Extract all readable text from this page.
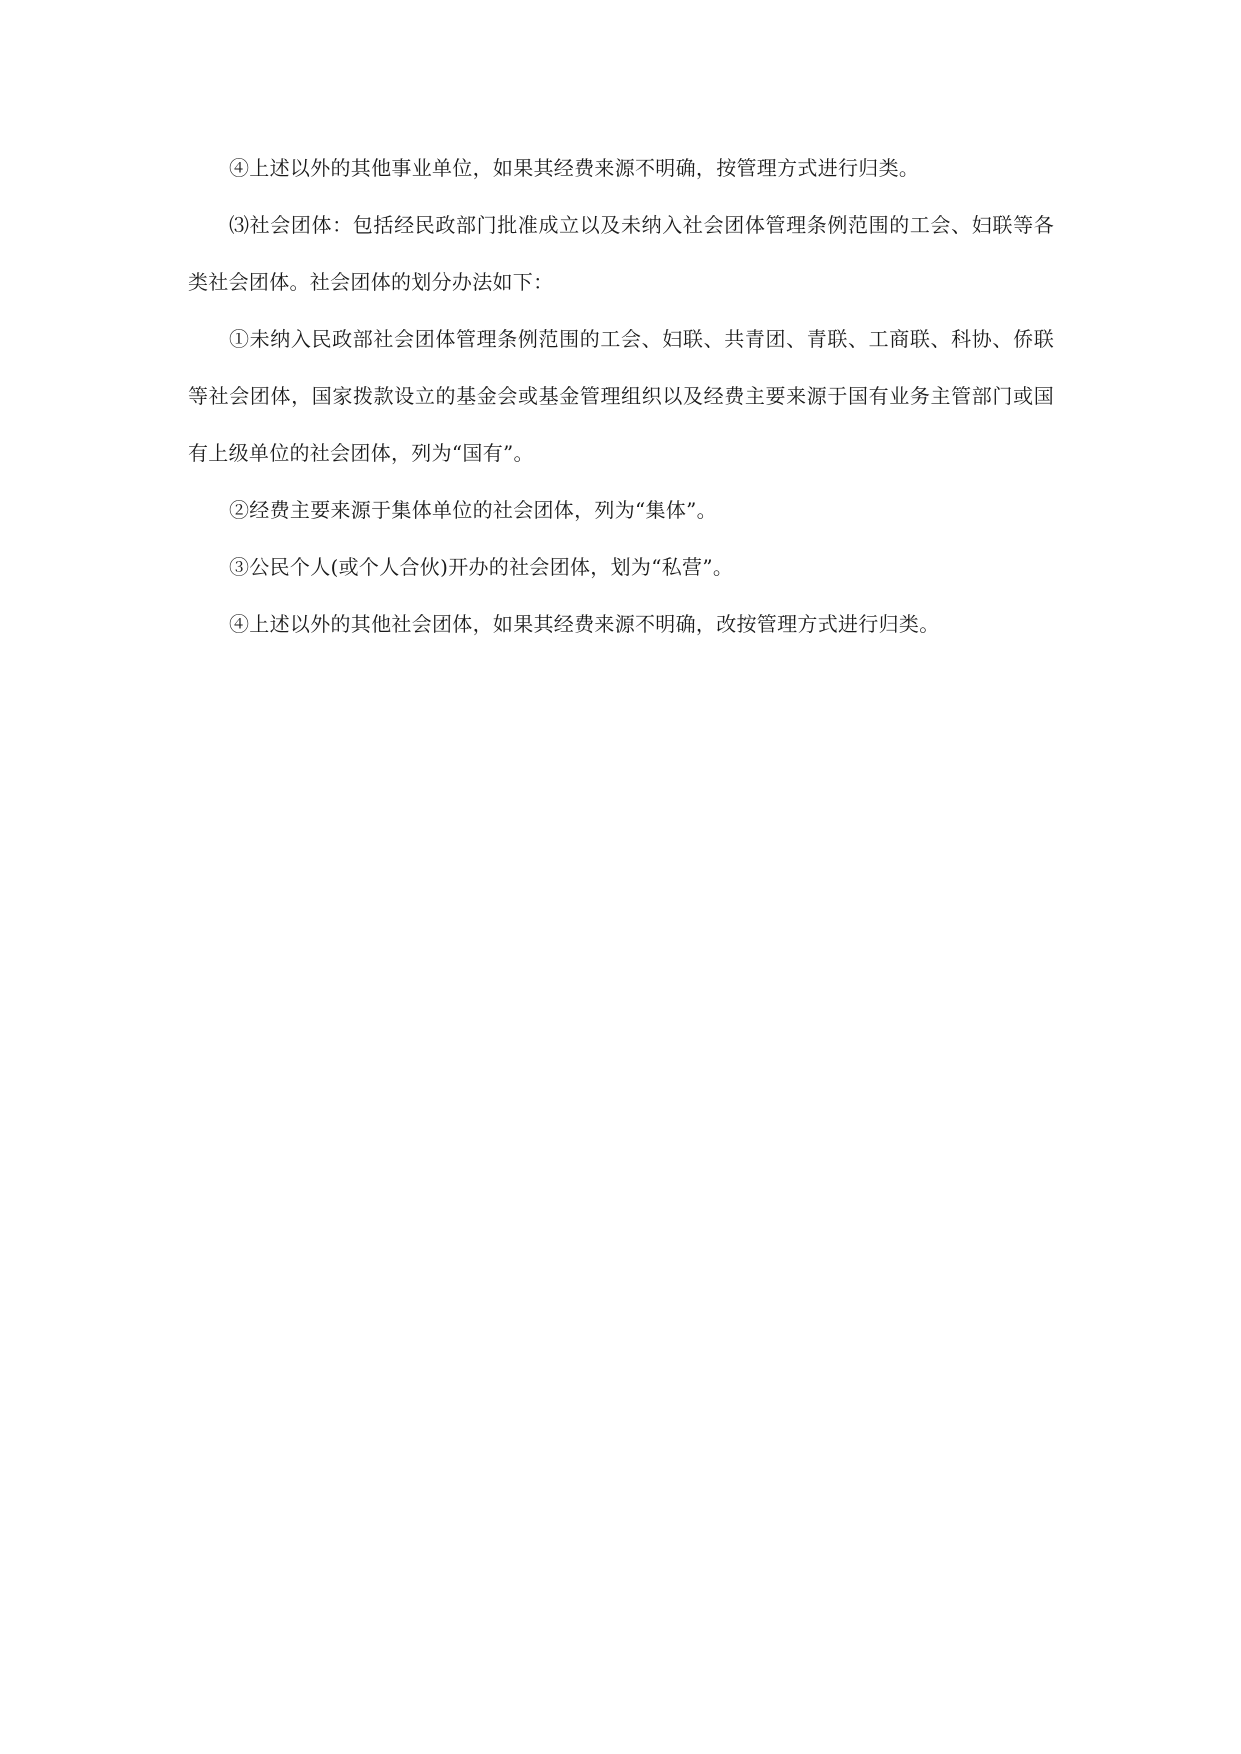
④上述以外的其他事业单位，如果其经费来源不明确，按管理方式进行归类。

⑶社会团体：包括经民政部门批准成立以及未纳入社会团体管理条例范围的工会、妇联等各类社会团体。社会团体的划分办法如下：

①未纳入民政部社会团体管理条例范围的工会、妇联、共青团、青联、工商联、科协、侨联等社会团体，国家拨款设立的基金会或基金管理组织以及经费主要来源于国有业务主管部门或国有上级单位的社会团体，列为“国有”。

②经费主要来源于集体单位的社会团体，列为“集体”。

③公民个人(或个人合伙)开办的社会团体，划为“私营”。

④上述以外的其他社会团体，如果其经费来源不明确，改按管理方式进行归类。
